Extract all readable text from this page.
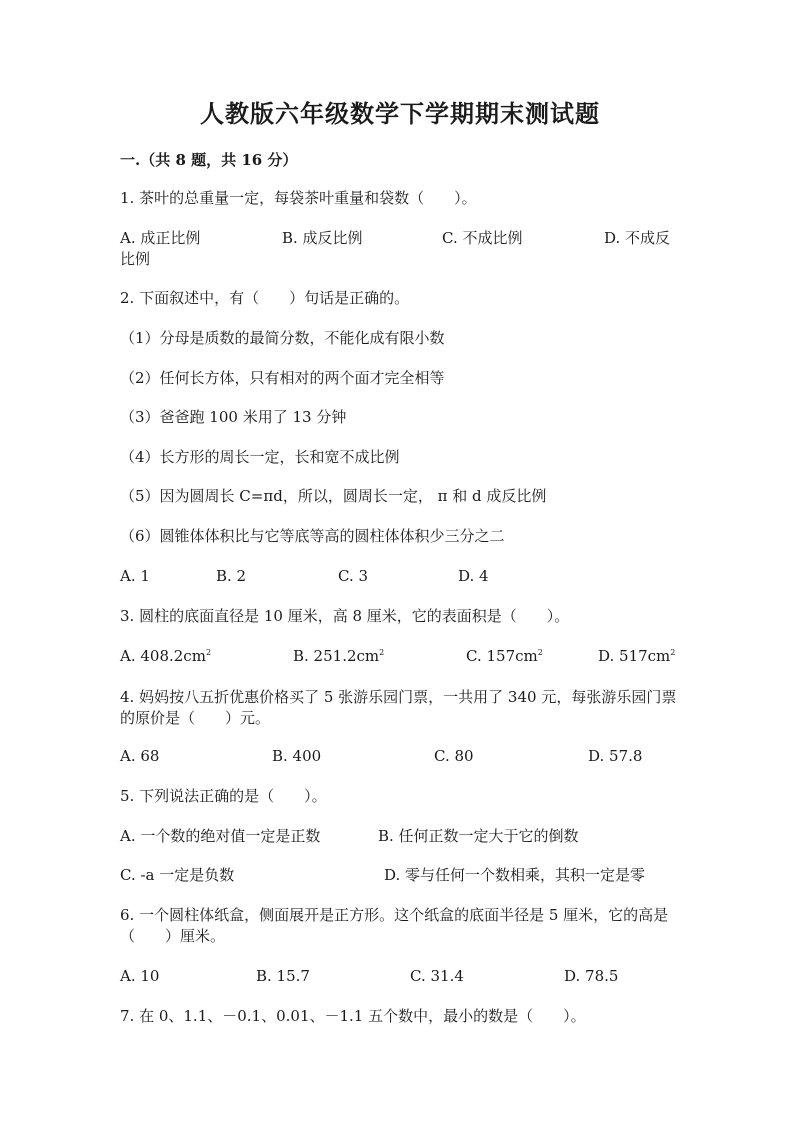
人教版六年级数学下学期期末测试题
一.（共 8 题，共 16 分）
1. 茶叶的总重量一定，每袋茶叶重量和袋数（　　）。
A. 成正比例	B. 成反比例	C. 不成比例	D. 不成反
比例
2. 下面叙述中，有（　　）句话是正确的。
（1）分母是质数的最简分数，不能化成有限小数
（2）任何长方体，只有相对的两个面才完全相等
（3）爸爸跑 100 米用了 13 分钟
（4）长方形的周长一定，长和宽不成比例
（5）因为圆周长 C=πd，所以，圆周长一定， π 和 d 成反比例
（6）圆锥体体积比与它等底等高的圆柱体体积少三分之二
A. 1	B. 2	C. 3	D. 4
3. 圆柱的底面直径是 10 厘米，高 8 厘米，它的表面积是（　　）。
A. $408.2cm^2$	B. $251.2cm^2$	C. $157cm^2$	D. $517cm^2$
4. 妈妈按八五折优惠价格买了 5 张游乐园门票，一共用了 340 元，每张游乐园门票的原价是（　　）元。
A. 68	B. 400	C. 80	D. 57.8
5. 下列说法正确的是（　　）。
A. 一个数的绝对值一定是正数	B. 任何正数一定大于它的倒数
C. -a 一定是负数	D. 零与任何一个数相乘，其积一定是零
6. 一个圆柱体纸盒，侧面展开是正方形。这个纸盒的底面半径是 5 厘米，它的高是（　　）厘米。
A. 10	B. 15.7	C. 31.4	D. 78.5
7. 在 0、1.1、－0.1、0.01、－1.1 五个数中，最小的数是（　　）。
